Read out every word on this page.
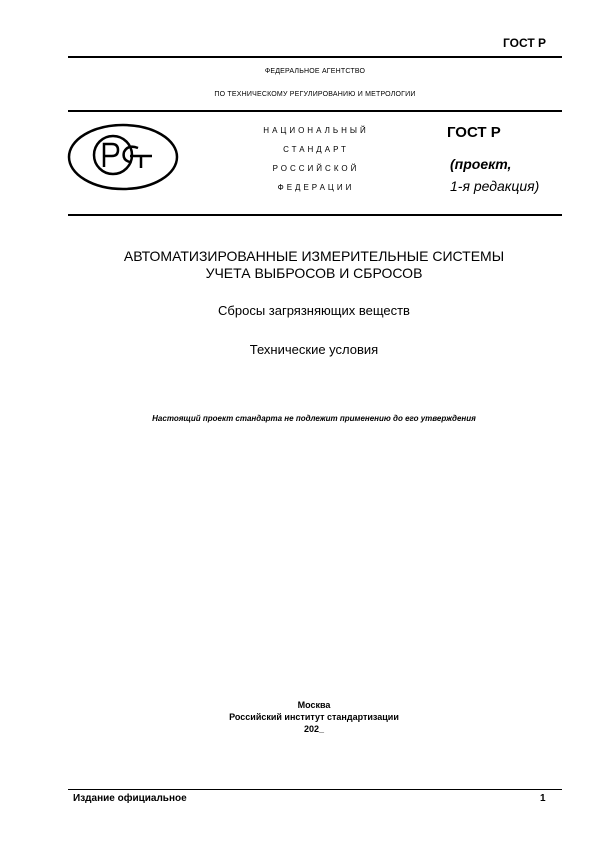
ГОСТ Р
ФЕДЕРАЛЬНОЕ АГЕНТСТВО
ПО ТЕХНИЧЕСКОМУ РЕГУЛИРОВАНИЮ И МЕТРОЛОГИИ
НАЦИОНАЛЬНЫЙ
СТАНДАРТ
РОССИЙСКОЙ
ФЕДЕРАЦИИ
ГОСТ Р
(проект,
1-я редакция)
АВТОМАТИЗИРОВАННЫЕ ИЗМЕРИТЕЛЬНЫЕ СИСТЕМЫ
УЧЕТА ВЫБРОСОВ И СБРОСОВ
Сбросы загрязняющих веществ
Технические условия
Настоящий проект стандарта не подлежит применению до его утверждения
Москва
Российский институт стандартизации
202_
Издание официальное	1
